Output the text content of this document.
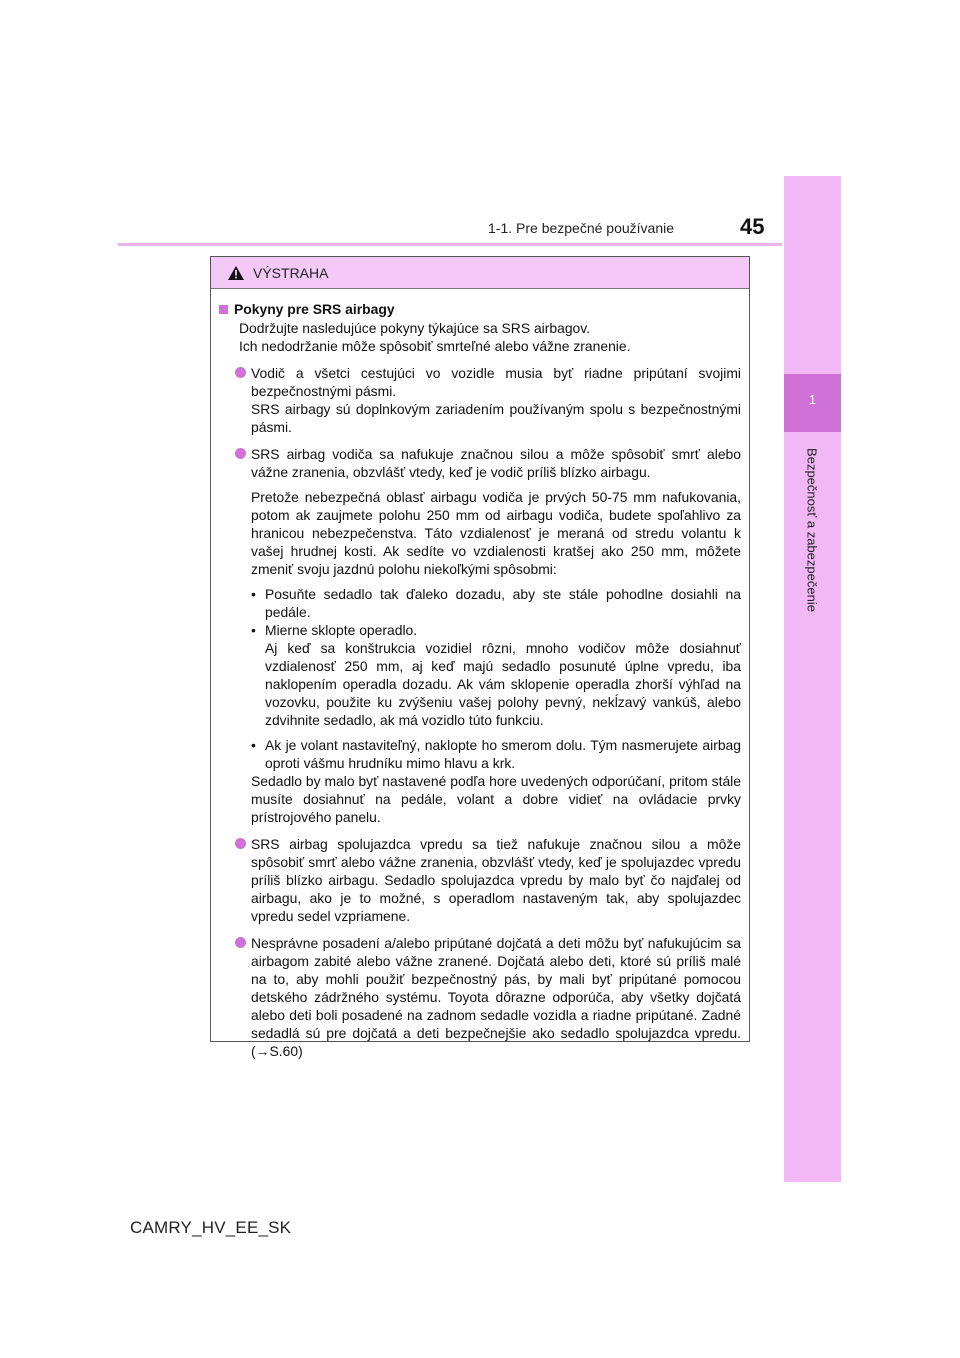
1-1. Pre bezpečné používanie	45
1
Bezpečnosť a zabezpečenie
VÝSTRAHA
Pokyny pre SRS airbagy
Dodržujte nasledujúce pokyny týkajúce sa SRS airbagov.
Ich nedodržanie môže spôsobiť smrteľné alebo vážne zranenie.
Vodič a všetci cestujúci vo vozidle musia byť riadne pripútaní svojimi bezpečnostnými pásmi.
SRS airbagy sú doplnkovým zariadením používaným spolu s bezpečnostnými pásmi.
SRS airbag vodiča sa nafukuje značnou silou a môže spôsobiť smrť alebo vážne zranenia, obzvlášť vtedy, keď je vodič príliš blízko airbagu.
Pretože nebezpečná oblasť airbagu vodiča je prvých 50-75 mm nafukovania, potom ak zaujmete polohu 250 mm od airbagu vodiča, budete spoľahlivo za hranicou nebezpečenstva. Táto vzdialenosť je meraná od stredu volantu k vašej hrudnej kosti. Ak sedíte vo vzdialenosti kratšej ako 250 mm, môžete zmeniť svoju jazdnú polohu niekoľkými spôsobmi:
• Posuňte sedadlo tak ďaleko dozadu, aby ste stále pohodlne dosiahli na pedále.
• Mierne sklopte operadlo.
Aj keď sa konštrukcia vozidiel rôzni, mnoho vodičov môže dosiahnuť vzdialenosť 250 mm, aj keď majú sedadlo posunuté úplne vpredu, iba naklopením operadla dozadu. Ak vám sklopenie operadla zhorší výhľad na vozovku, použite ku zvýšeniu vašej polohy pevný, nekĺzavý vankúš, alebo zdvihnite sedadlo, ak má vozidlo túto funkciu.
• Ak je volant nastaviteľný, naklopte ho smerom dolu. Tým nasmerujete airbag oproti vášmu hrudníku mimo hlavu a krk.
Sedadlo by malo byť nastavené podľa hore uvedených odporúčaní, pritom stále musíte dosiahnuť na pedále, volant a dobre vidieť na ovládacie prvky prístrojového panelu.
SRS airbag spolujazdca vpredu sa tiež nafukuje značnou silou a môže spôsobiť smrť alebo vážne zranenia, obzvlášť vtedy, keď je spolujazdec vpredu príliš blízko airbagu. Sedadlo spolujazdca vpredu by malo byť čo najďalej od airbagu, ako je to možné, s operadlom nastaveným tak, aby spolujazdec vpredu sedel vzpriamene.
Nesprávne posadení a/alebo pripútané dojčatá a deti môžu byť nafukujúcim sa airbagom zabité alebo vážne zranené. Dojčatá alebo deti, ktoré sú príliš malé na to, aby mohli použiť bezpečnostný pás, by mali byť pripútané pomocou detského zádržného systému. Toyota dôrazne odporúča, aby všetky dojčatá alebo deti boli posadené na zadnom sedadle vozidla a riadne pripútané. Zadné sedadlá sú pre dojčatá a deti bezpečnejšie ako sedadlo spolujazdca vpredu. (→S.60)
CAMRY_HV_EE_SK
